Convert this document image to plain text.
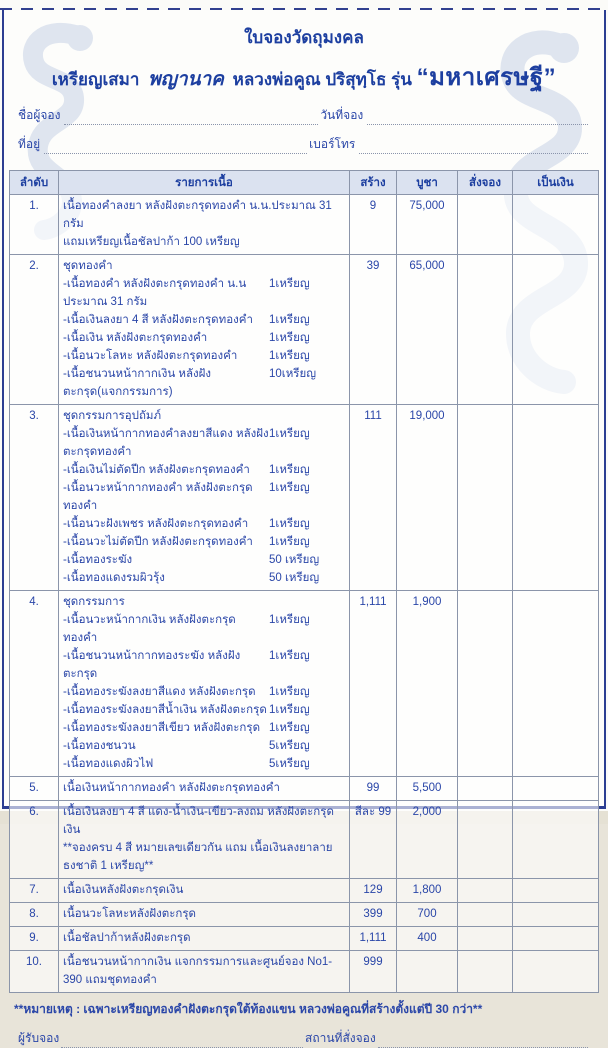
ใบจองวัดถุมงคล
เหรียญเสมา พญานาค หลวงพ่อคูณ ปริสุทฺโธ รุ่น “มหาเศรษฐี”
ชื่อผู้จอง	วันที่จอง
ที่อยู่	เบอร์โทร
ลำดับ	รายการเนื้อ	สร้าง	บูชา	สั่งจอง	เป็นเงิน
1.	เนื้อทองคำลงยา หลังฝังตะกรุดทองคำ น.น.ประมาณ 31 กรัม
แถมเหรียญเนื้อชัลปาก้า 100 เหรียญ	9	75,000		
2.	ชุดทองคำ
-เนื้อทองคำ หลังฝังตะกรุดทองคำ น.น ประมาณ 31 กรัม
1เหรียญ
-เนื้อเงินลงยา 4 สี หลังฝังตะกรุดทองคำ	1เหรียญ
-เนื้อเงิน หลังฝังตะกรุดทองคำ	1เหรียญ
-เนื้อนวะโลหะ หลังฝังตะกรุดทองคำ	1เหรียญ
-เนื้อชนวนหน้ากากเงิน หลังฝังตะกรุด(แจกกรรมการ)
10เหรียญ
	39	65,000		
3.	ชุดกรรมการอุปถัมภ์
-เนื้อเงินหน้ากากทองคำลงยาสีแดง หลังฝังตะกรุดทองคำ
1เหรียญ
-เนื้อเงินไม่ตัดปีก หลังฝังตะกรุดทองคำ	1เหรียญ
-เนื้อนวะหน้ากากทองคำ หลังฝังตะกรุดทองคำ
1เหรียญ
-เนื้อนวะฝังเพชร หลังฝังตะกรุดทองคำ	1เหรียญ
-เนื้อนวะไม่ตัดปีก หลังฝังตะกรุดทองคำ	1เหรียญ
-เนื้อทองระฆัง	50 เหรียญ
-เนื้อทองแดงรมผิวรุ้ง	50 เหรียญ
	111	19,000		
4.	ชุดกรรมการ
-เนื้อนวะหน้ากากเงิน หลังฝังตะกรุดทองคำ
1เหรียญ
-เนื้อชนวนหน้ากากทองระฆัง หลังฝังตะกรุด
1เหรียญ
-เนื้อทองระฆังลงยาสีแดง หลังฝังตะกรุด	1เหรียญ
-เนื้อทองระฆังลงยาสีน้ำเงิน หลังฝังตะกรุด 1เหรียญ
-เนื้อทองระฆังลงยาสีเขียว หลังฝังตะกรุด 1เหรียญ
-เนื้อทองชนวน	5เหรียญ
-เนื้อทองแดงผิวไฟ	5เหรียญ
	1,111	1,900		
5.	เนื้อเงินหน้ากากทองคำ หลังฝังตะกรุดทองคำ	99	5,500		
6.	เนื้อเงินลงยา 4 สี แดง-น้ำเงิน-เขียว-ลงถม หลังฝังตะกรุดเงิน
**จองครบ 4 สี หมายเลขเดียวกัน แถม เนื้อเงินลงยาลายธงชาติ 1 เหรียญ**	สีละ 99	2,000		
7.	เนื้อเงินหลังฝังตะกรุดเงิน	129	1,800		
8.	เนื้อนวะโลหะหลังฝังตะกรุด	399	700		
9.	เนื้อชัลปาก้าหลังฝังตะกรุด	1,111	400		
10.	เนื้อชนวนหน้ากากเงิน แจกกรรมการและศูนย์จอง No1-390 แถมชุดทองคำ	999			
**หมายเหตุ : เฉพาะเหรียญทองคำฝังตะกรุดใต้ท้องแขน หลวงพ่อคูณที่สร้างตั้งแต่ปี 30 กว่า**
ผู้รับจอง	สถานที่สั่งจอง
